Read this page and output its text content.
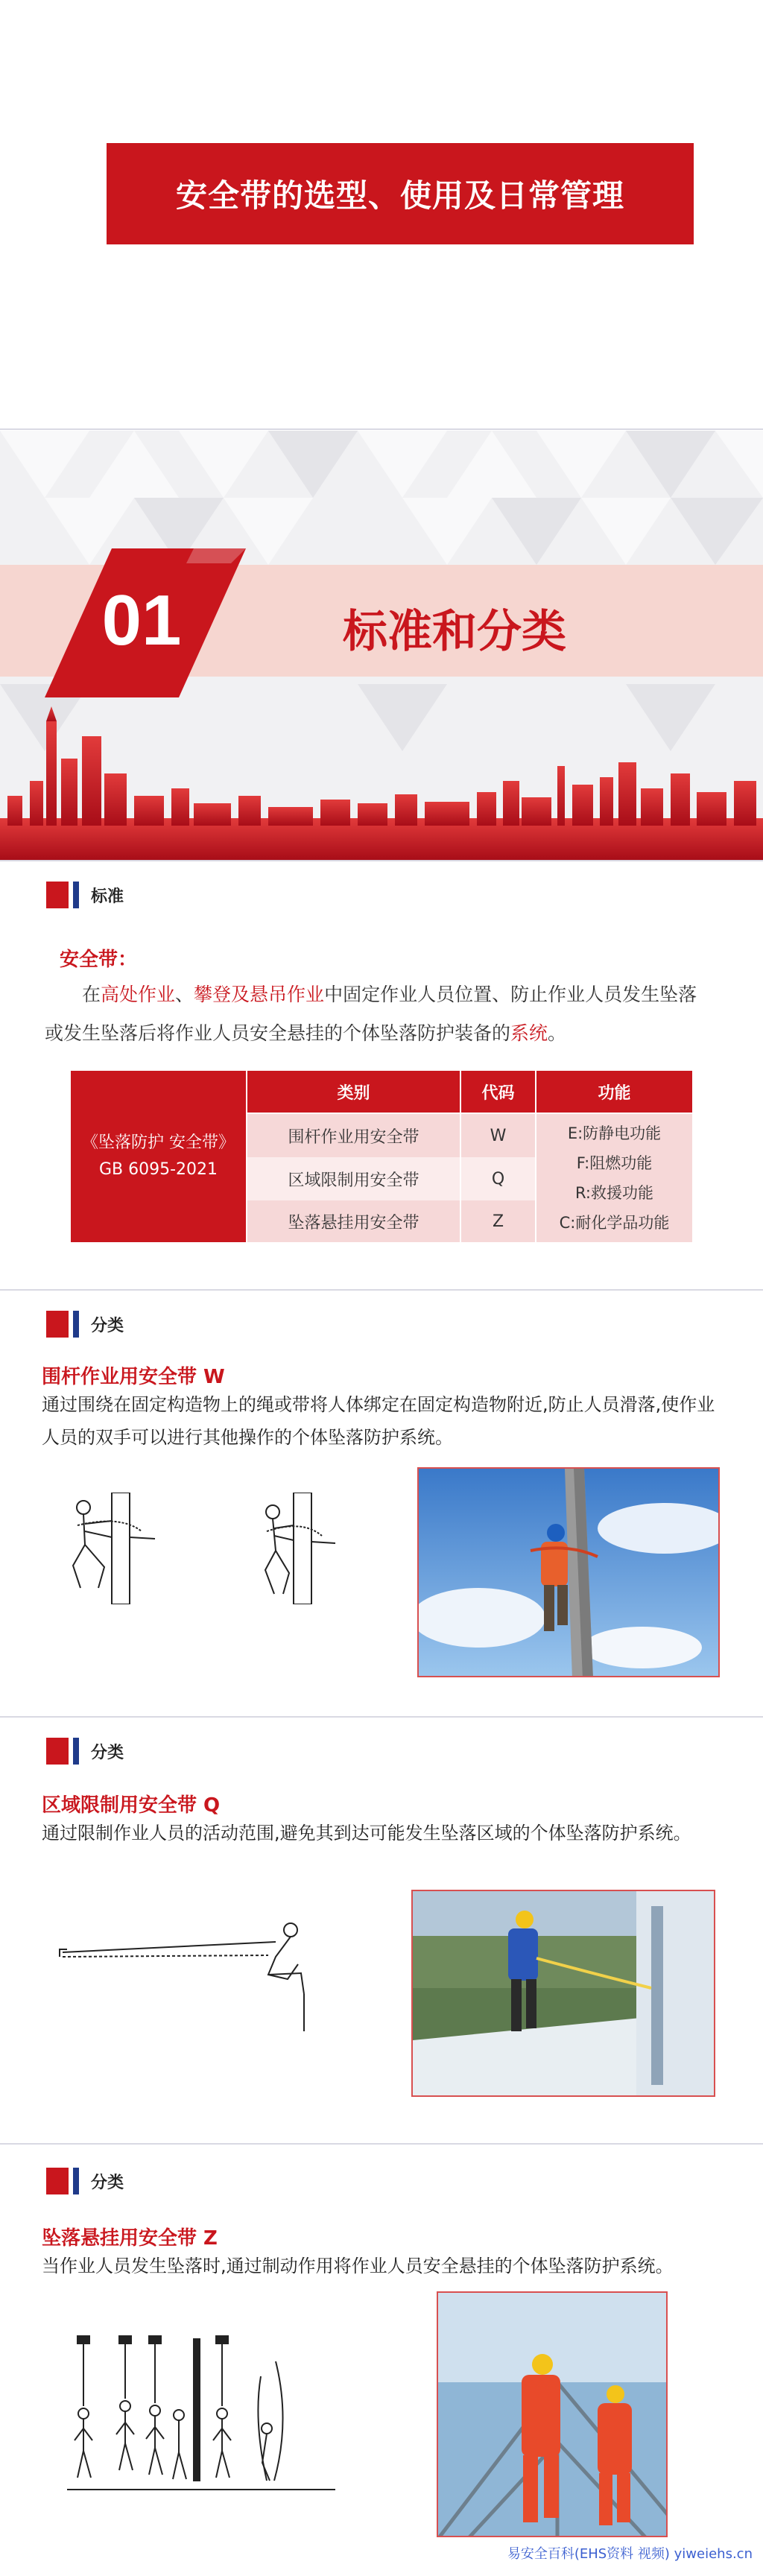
安全带的选型、使用及日常管理
01	标准和分类
标准
安全带：
在高处作业、攀登及悬吊作业中固定作业人员位置、防止作业人员发生坠落或发生坠落后将作业人员安全悬挂的个体坠落防护装备的系统。
《坠落防护 安全带》
GB 6095-2021
类别	代码	功能
围杆作业用安全带	W
区域限制用安全带	Q
坠落悬挂用安全带	Z
E:防静电功能
F:阻燃功能
R:救援功能
C:耐化学品功能
分类
围杆作业用安全带 W
通过围绕在固定构造物上的绳或带将人体绑定在固定构造物附近,防止人员滑落,使作业人员的双手可以进行其他操作的个体坠落防护系统。
分类
区域限制用安全带 Q
通过限制作业人员的活动范围,避免其到达可能发生坠落区域的个体坠落防护系统。
分类
坠落悬挂用安全带 Z
当作业人员发生坠落时,通过制动作用将作业人员安全悬挂的个体坠落防护系统。
易安全百科(EHS资料 视频) yiweiehs.cn
